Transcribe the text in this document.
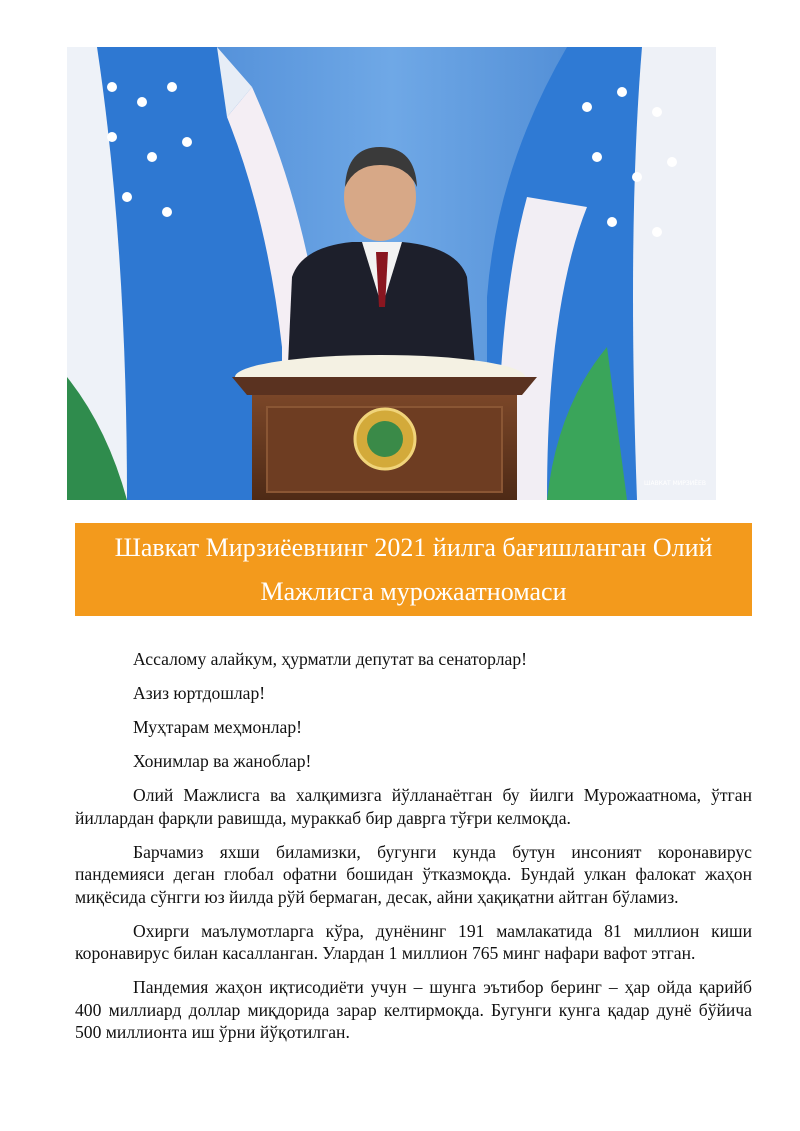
ШАВКАТ МИРЗИЁЕВ
Шавкат Мирзиёевнинг 2021 йилга бағишланган Олий
Мажлисга мурожаатномаси

Ассалому алайкум, ҳурматли депутат ва сенаторлар!

Азиз юртдошлар!

Муҳтарам меҳмонлар!

Хонимлар ва жаноблар!

Олий Мажлисга ва халқимизга йўлланаётган бу йилги Мурожаатнома, ўтган йиллардан фарқли равишда, мураккаб бир даврга тўғри келмоқда.

Барчамиз яхши биламизки, бугунги кунда бутун инсоният коронавирус пандемияси деган глобал офатни бошидан ўтказмоқда. Бундай улкан фалокат жаҳон миқёсида сўнгги юз йилда рўй бермаган, десак, айни ҳақиқатни айтган бўламиз.

Охирги маълумотларга кўра, дунёнинг 191 мамлакатида 81 миллион киши коронавирус билан касалланган. Улардан 1 миллион 765 минг нафари вафот этган.

Пандемия жаҳон иқтисодиёти учун – шунга эътибор беринг – ҳар ойда қарийб 400 миллиард доллар миқдорида зарар келтирмоқда. Бугунги кунга қадар дунё бўйича 500 миллионта иш ўрни йўқотилган.
